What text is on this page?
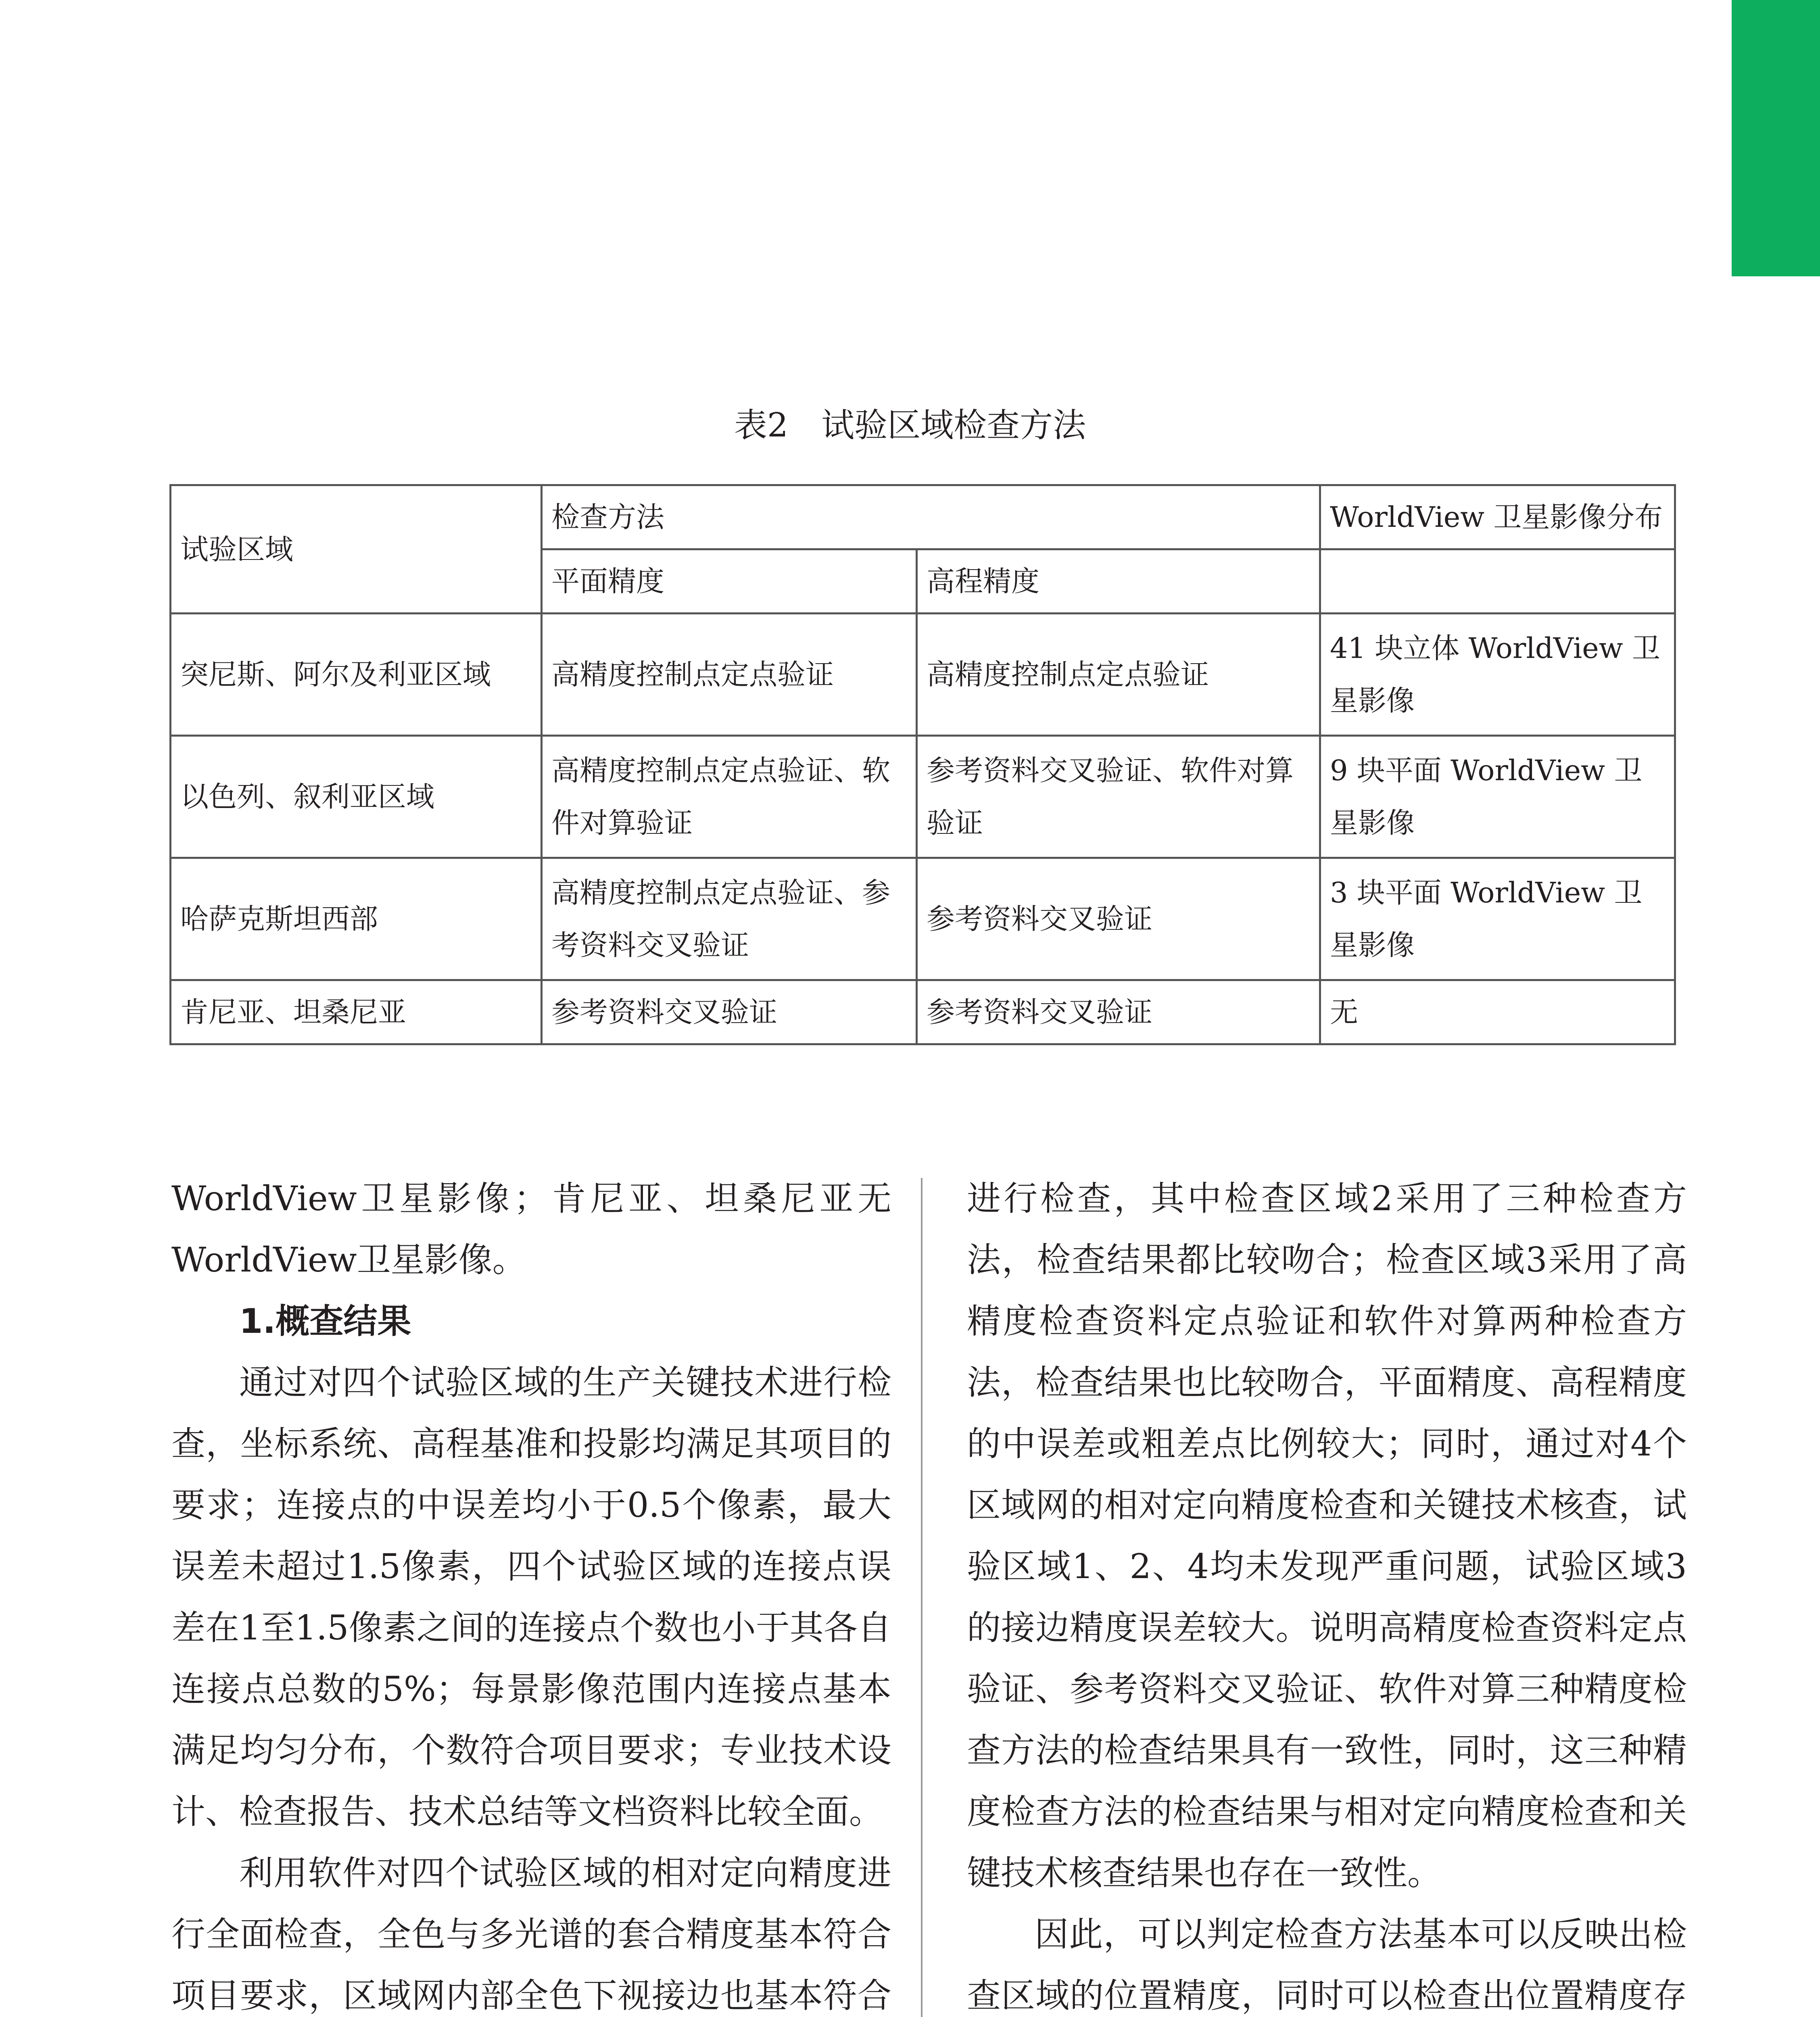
表2　试验区域检查方法
试验区域	检查方法		WorldView 卫星影像分布
	平面精度	高程精度	
突尼斯、阿尔及利亚区域	高精度控制点定点验证	高精度控制点定点验证	41 块立体 WorldView 卫星影像
以色列、叙利亚区域	高精度控制点定点验证、软件对算验证	参考资料交叉验证、软件对算验证	9 块平面 WorldView 卫星影像
哈萨克斯坦西部	高精度控制点定点验证、参考资料交叉验证	参考资料交叉验证	3 块平面 WorldView 卫星影像
肯尼亚、坦桑尼亚	参考资料交叉验证	参考资料交叉验证	无

WorldView卫星影像；肯尼亚、坦桑尼亚无WorldView卫星影像。

1.概查结果

通过对四个试验区域的生产关键技术进行检查，坐标系统、高程基准和投影均满足其项目的要求；连接点的中误差均小于0.5个像素，最大误差未超过1.5像素，四个试验区域的连接点误差在1至1.5像素之间的连接点个数也小于其各自连接点总数的5%；每景影像范围内连接点基本满足均匀分布，个数符合项目要求；专业技术设计、检查报告、技术总结等文档资料比较全面。

利用软件对四个试验区域的相对定向精度进行全面检查，全色与多光谱的套合精度基本符合项目要求，区域网内部全色下视接边也基本符合

进行检查，其中检查区域2采用了三种检查方法，检查结果都比较吻合；检查区域3采用了高精度检查资料定点验证和软件对算两种检查方法，检查结果也比较吻合，平面精度、高程精度的中误差或粗差点比例较大；同时，通过对4个区域网的相对定向精度检查和关键技术核查，试验区域1、2、4均未发现严重问题，试验区域3的接边精度误差较大。说明高精度检查资料定点验证、参考资料交叉验证、软件对算三种精度检查方法的检查结果具有一致性，同时，这三种精度检查方法的检查结果与相对定向精度检查和关键技术核查结果也存在一致性。

因此，可以判定检查方法基本可以反映出检查区域的位置精度，同时可以检查出位置精度存
